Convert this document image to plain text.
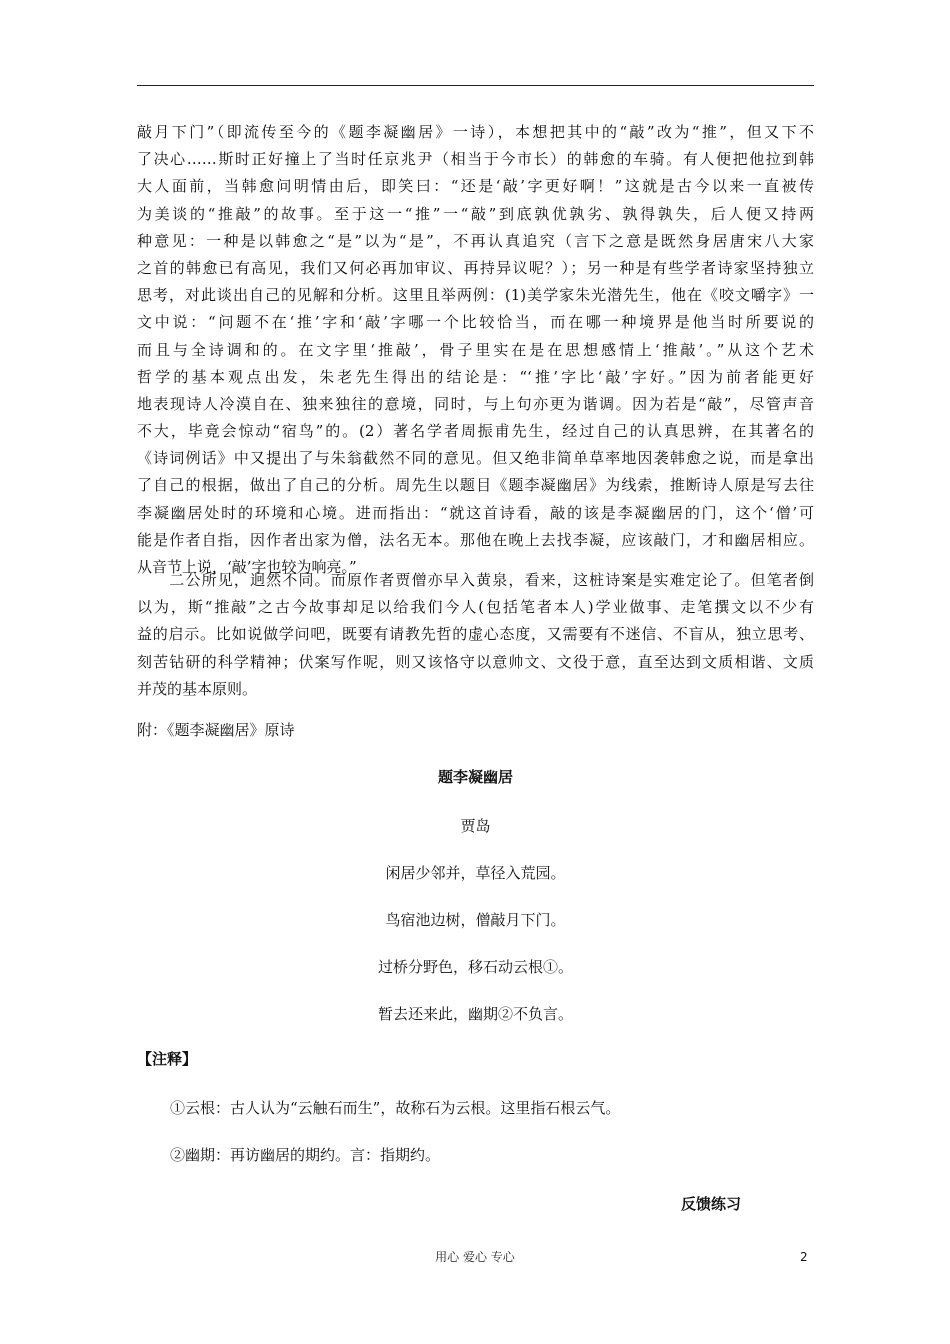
敲月下门”（即流传至今的《题李凝幽居》一诗），本想把其中的“敲”改为“推”，但又下不
了决心……斯时正好撞上了当时任京兆尹（相当于今市长）的韩愈的车骑。有人便把他拉到韩
大人面前，当韩愈问明情由后，即笑曰：“还是‘敲’字更好啊！”这就是古今以来一直被传
为美谈的“推敲”的故事。至于这一“推”一“敲”到底孰优孰劣、孰得孰失，后人便又持两
种意见：一种是以韩愈之“是”以为“是”，不再认真追究（言下之意是既然身居唐宋八大家
之首的韩愈已有高见，我们又何必再加审议、再持异议呢？）；另一种是有些学者诗家坚持独立
思考，对此谈出自己的见解和分析。这里且举两例：(1)美学家朱光潜先生，他在《咬文嚼字》一
文中说：“问题不在‘推’字和‘敲’字哪一个比较恰当，而在哪一种境界是他当时所要说的
而且与全诗调和的。在文字里‘推敲’，骨子里实在是在思想感情上‘推敲’。”从这个艺术
哲学的基本观点出发，朱老先生得出的结论是：“‘推’字比‘敲’字好。”因为前者能更好
地表现诗人冷漠自在、独来独往的意境，同时，与上句亦更为谐调。因为若是“敲”，尽管声音
不大，毕竟会惊动“宿鸟”的。(2）著名学者周振甫先生，经过自己的认真思辨，在其著名的
《诗词例话》中又提出了与朱翁截然不同的意见。但又绝非简单草率地因袭韩愈之说，而是拿出
了自己的根据，做出了自己的分析。周先生以题目《题李凝幽居》为线索，推断诗人原是写去往
李凝幽居处时的环境和心境。进而指出：“就这首诗看，敲的该是李凝幽居的门，这个‘僧’可
能是作者自指，因作者出家为僧，法名无本。那他在晚上去找李凝，应该敲门，才和幽居相应。
从音节上说，‘敲’字也较为响亮。”
　　二公所见，迥然不同。而原作者贾僧亦早入黄泉，看来，这桩诗案是实难定论了。但笔者倒
以为，斯“推敲”之古今故事却足以给我们今人(包括笔者本人)学业做事、走笔撰文以不少有
益的启示。比如说做学问吧，既要有请教先哲的虚心态度，又需要有不迷信、不盲从，独立思考、
刻苦钻研的科学精神；伏案写作呢，则又该恪守以意帅文、文役于意，直至达到文质相谐、文质
并茂的基本原则。
附：《题李凝幽居》原诗
题李凝幽居
贾岛
闲居少邻并，草径入荒园。
鸟宿池边树，僧敲月下门。
过桥分野色，移石动云根①。
暂去还来此，幽期②不负言。
【注释】
①云根：古人认为“云触石而生”，故称石为云根。这里指石根云气。
②幽期：再访幽居的期约。言：指期约。
反馈练习
用心 爱心 专心	2
